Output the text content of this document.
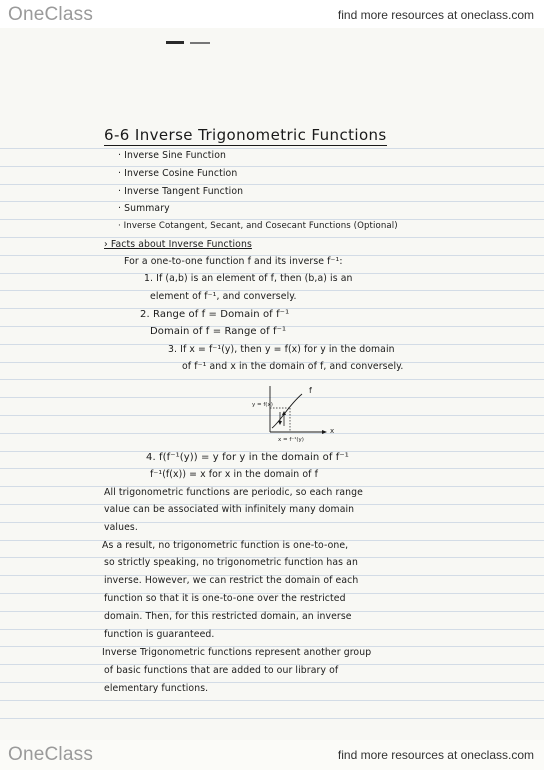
OneClass	find more resources at oneclass.com
6-6 Inverse Trigonometric Functions
· Inverse Sine Function
· Inverse Cosine Function
· Inverse Tangent Function
· Summary
· Inverse Cotangent, Secant, and Cosecant Functions (Optional)
› Facts about Inverse Functions
For a one-to-one function f and its inverse f⁻¹:
1. If (a,b) is an element of f, then (b,a) is an
element of f⁻¹, and conversely.
2. Range of f = Domain of f⁻¹
Domain of f = Range of f⁻¹
3. If x = f⁻¹(y), then y = f(x) for y in the domain
of f⁻¹ and x in the domain of f, and conversely.
y = f(x)
f
x
x = f⁻¹(y)
4. f(f⁻¹(y)) = y for y in the domain of f⁻¹
f⁻¹(f(x)) = x for x in the domain of f
All trigonometric functions are periodic, so each range
value can be associated with infinitely many domain
values.
As a result, no trigonometric function is one-to-one,
so strictly speaking, no trigonometric function has an
inverse. However, we can restrict the domain of each
function so that it is one-to-one over the restricted
domain. Then, for this restricted domain, an inverse
function is guaranteed.
Inverse Trigonometric functions represent another group
of basic functions that are added to our library of
elementary functions.
OneClass	find more resources at oneclass.com
